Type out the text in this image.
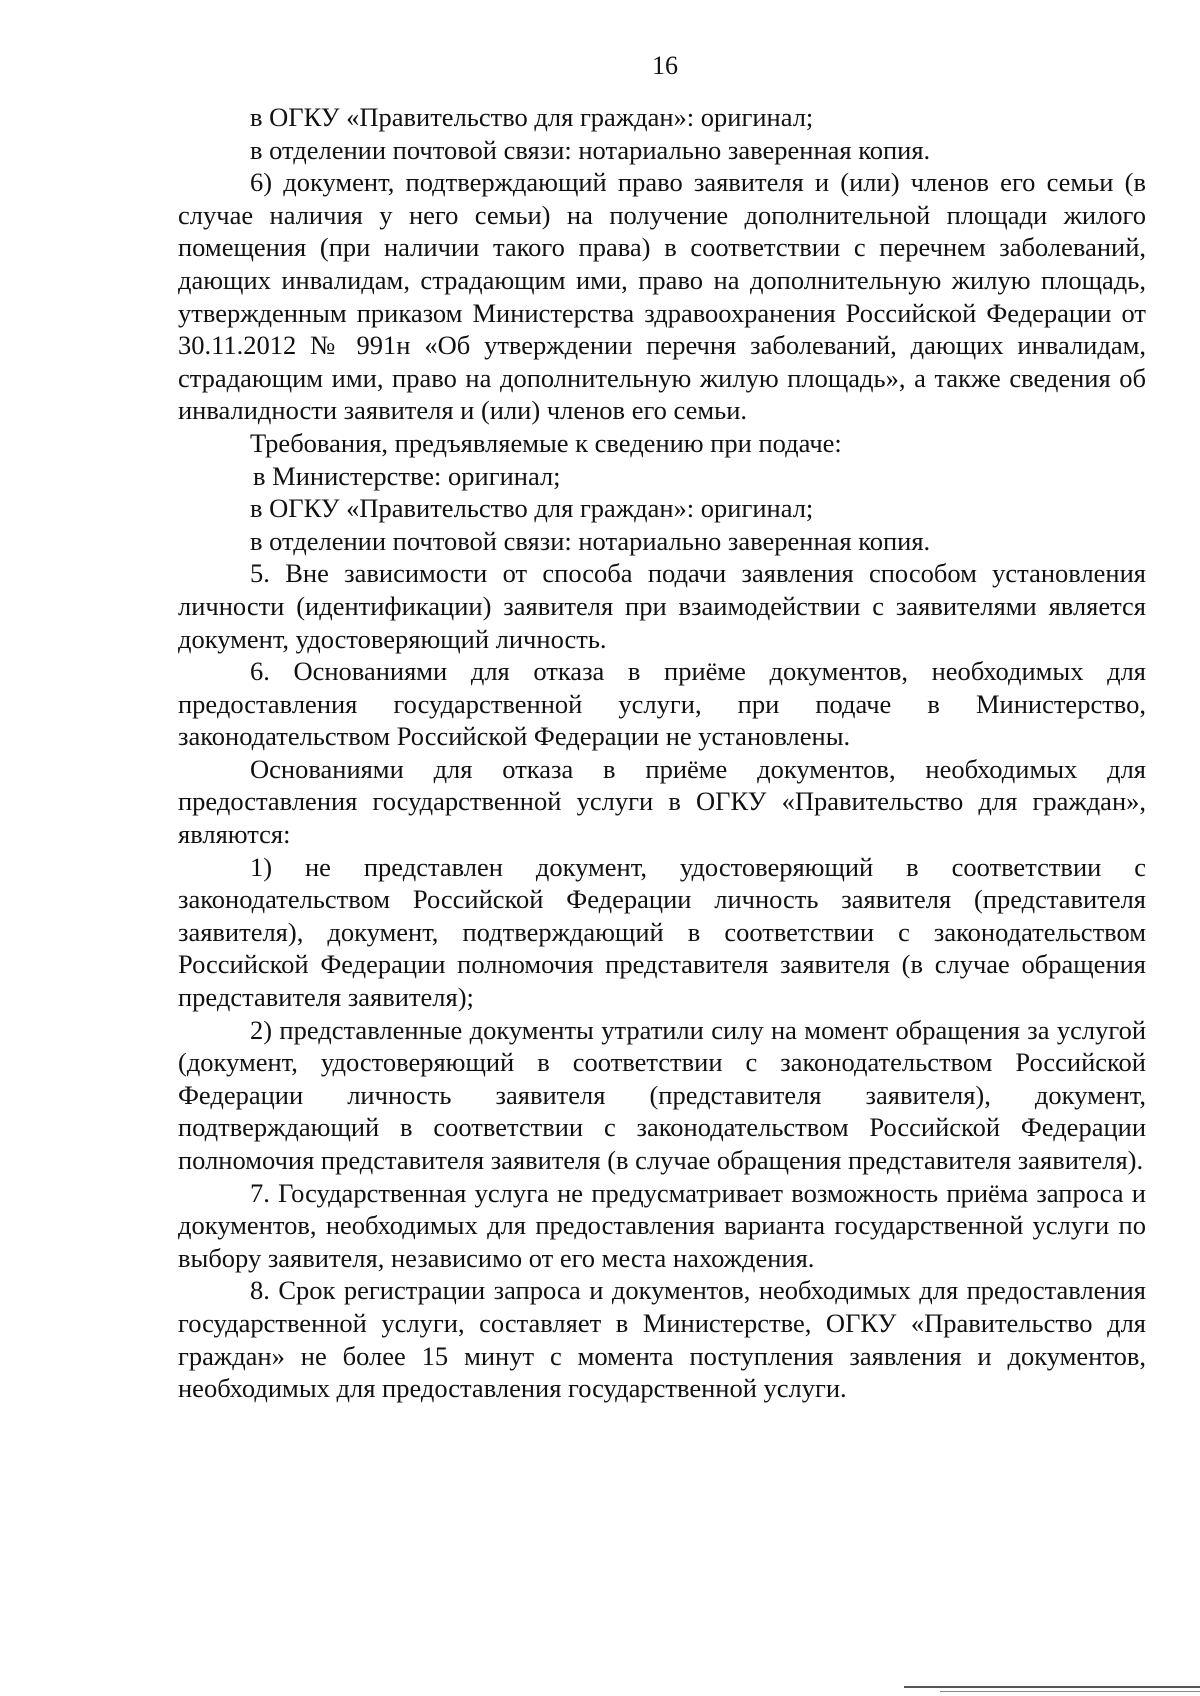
16

в ОГКУ «Правительство для граждан»: оригинал;

в отделении почтовой связи: нотариально заверенная копия.

6) документ, подтверждающий право заявителя и (или) членов его семьи (в случае наличия у него семьи) на получение дополнительной площади жилого помещения (при наличии такого права) в соответствии с перечнем заболеваний, дающих инвалидам, страдающим ими, право на дополнительную жилую площадь, утвержденным приказом Министерства здравоохранения Российской Федерации от 30.11.2012 № 991н «Об утверждении перечня заболеваний, дающих инвалидам, страдающим ими, право на дополнительную жилую площадь», а также сведения об инвалидности заявителя и (или) членов его семьи.

Требования, предъявляемые к сведению при подаче:

в Министерстве: оригинал;

в ОГКУ «Правительство для граждан»: оригинал;

в отделении почтовой связи: нотариально заверенная копия.

5. Вне зависимости от способа подачи заявления способом установления личности (идентификации) заявителя при взаимодействии с заявителями является документ, удостоверяющий личность.

6. Основаниями для отказа в приёме документов, необходимых для предоставления государственной услуги, при подаче в Министерство, законодательством Российской Федерации не установлены.

Основаниями для отказа в приёме документов, необходимых для предоставления государственной услуги в ОГКУ «Правительство для граждан», являются:

1) не представлен документ, удостоверяющий в соответствии с законодательством Российской Федерации личность заявителя (представителя заявителя), документ, подтверждающий в соответствии с законодательством Российской Федерации полномочия представителя заявителя (в случае обращения представителя заявителя);

2) представленные документы утратили силу на момент обращения за услугой (документ, удостоверяющий в соответствии с законодательством Российской Федерации личность заявителя (представителя заявителя), документ, подтверждающий в соответствии с законодательством Российской Федерации полномочия представителя заявителя (в случае обращения представителя заявителя).

7. Государственная услуга не предусматривает возможность приёма запроса и документов, необходимых для предоставления варианта государственной услуги по выбору заявителя, независимо от его места нахождения.

8. Срок регистрации запроса и документов, необходимых для предоставления государственной услуги, составляет в Министерстве, ОГКУ «Правительство для граждан» не более 15 минут с момента поступления заявления и документов, необходимых для предоставления государственной услуги.
